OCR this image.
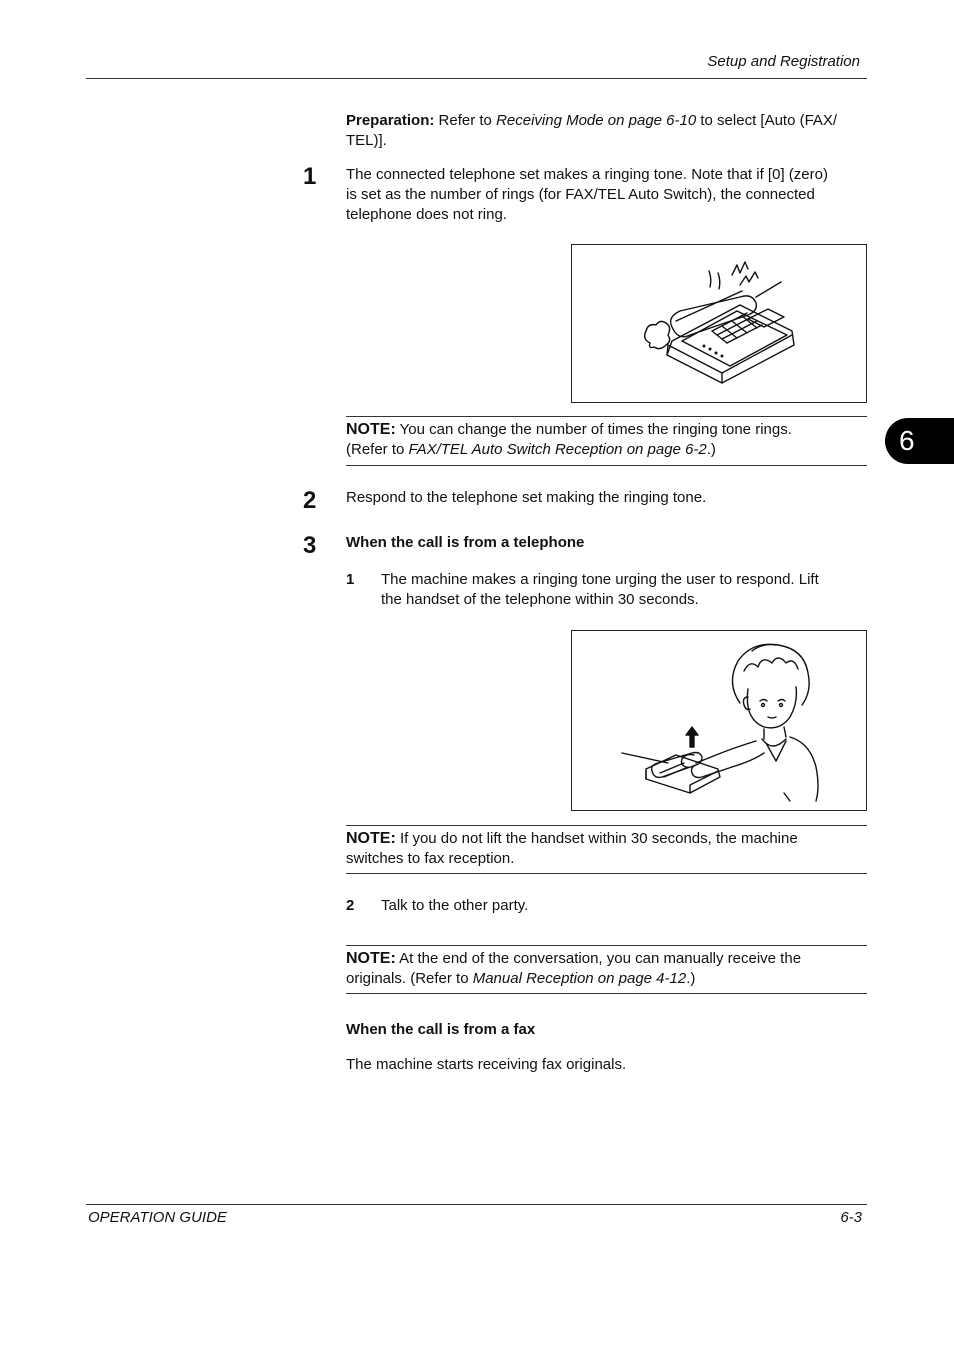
Setup and Registration
6
Preparation: Refer to Receiving Mode on page 6-10 to select [Auto (FAX/
TEL)].
1 The connected telephone set makes a ringing tone. Note that if [0] (zero)
is set as the number of rings (for FAX/TEL Auto Switch), the connected
telephone does not ring.
NOTE: You can change the number of times the ringing tone rings.
(Refer to FAX/TEL Auto Switch Reception on page 6-2.)
2 Respond to the telephone set making the ringing tone.
3 When the call is from a telephone
1 The machine makes a ringing tone urging the user to respond. Lift
the handset of the telephone within 30 seconds.
NOTE: If you do not lift the handset within 30 seconds, the machine
switches to fax reception.
2 Talk to the other party.
NOTE: At the end of the conversation, you can manually receive the
originals. (Refer to Manual Reception on page 4-12.)
When the call is from a fax
The machine starts receiving fax originals.
OPERATION GUIDE	6-3
